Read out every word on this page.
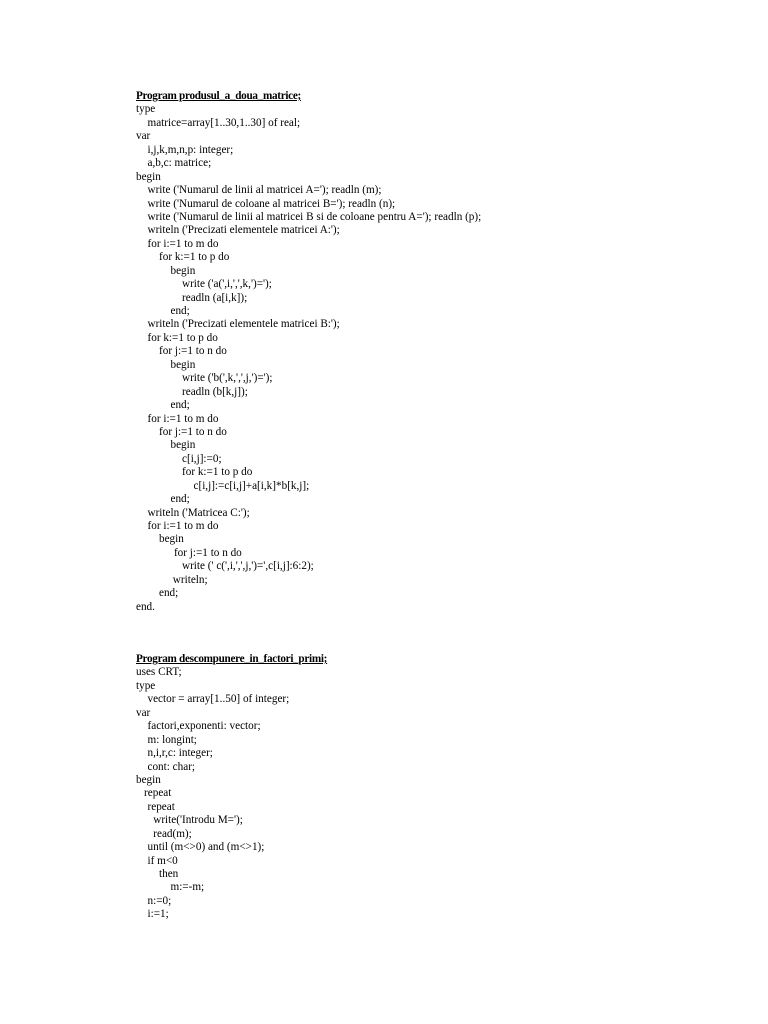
Program produsul_a_doua_matrice;
type
matrice=array[1..30,1..30] of real;
var
i,j,k,m,n,p: integer;
a,b,c: matrice;
begin
write ('Numarul de linii al matricei A='); readln (m);
write ('Numarul de coloane al matricei B='); readln (n);
write ('Numarul de linii al matricei B si de coloane pentru A='); readln (p);
writeln ('Precizati elementele matricei A:');
for i:=1 to m do
for k:=1 to p do
begin
write ('a(',i,',',k,')=');
readln (a[i,k]);
end;
writeln ('Precizati elementele matricei B:');
for k:=1 to p do
for j:=1 to n do
begin
write ('b(',k,',',j,')=');
readln (b[k,j]);
end;
for i:=1 to m do
for j:=1 to n do
begin
c[i,j]:=0;
for k:=1 to p do
c[i,j]:=c[i,j]+a[i,k]*b[k,j];
end;
writeln ('Matricea C:');
for i:=1 to m do
begin
for j:=1 to n do
write (' c(',i,',',j,')=',c[i,j]:6:2);
writeln;
end;
end.
Program descompunere_in_factori_primi;
uses CRT;
type
vector = array[1..50] of integer;
var
factori,exponenti: vector;
m: longint;
n,i,r,c: integer;
cont: char;
begin
repeat
repeat
write('Introdu M=');
read(m);
until (m<>0) and (m<>1);
if m<0
then
m:=-m;
n:=0;
i:=1;
